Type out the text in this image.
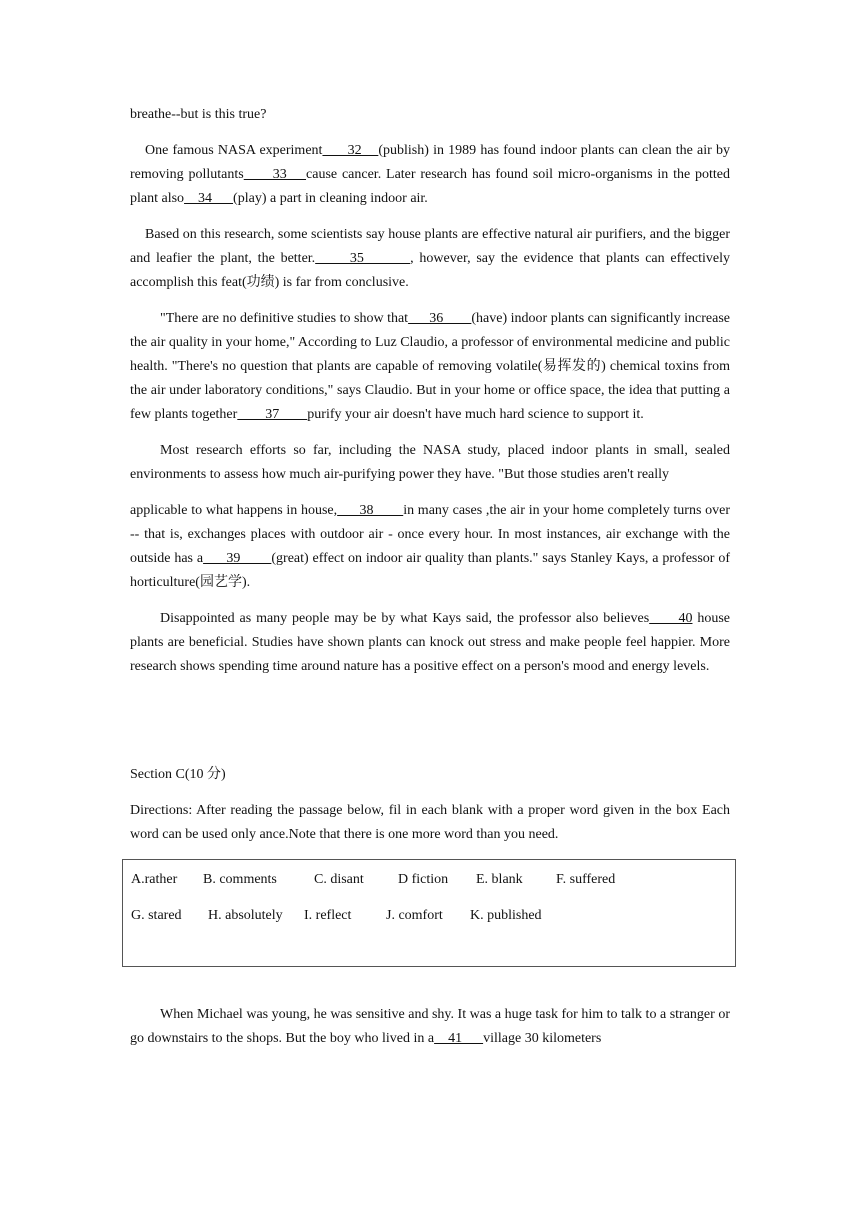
breathe--but is this true?

One famous NASA experiment      32    (publish) in 1989 has found indoor plants can clean the air by removing pollutants      33    cause cancer. Later research has found soil micro-organisms in the potted plant also    34      (play) a part in cleaning indoor air.

Based on this research, some scientists say house plants are effective natural air purifiers, and the bigger and leafier the plant, the better.      35        , however, say the evidence that plants can effectively accomplish this feat(功绩) is far from conclusive.

"There are no definitive studies to show that      36        (have) indoor plants can significantly increase the air quality in your home," According to Luz Claudio, a professor of environmental medicine and public health. "There's no question that plants are capable of removing volatile(易挥发的) chemical toxins from the air under laboratory conditions," says Claudio. But in your home or office space, the idea that putting a few plants together        37        purify your air doesn't have much hard science to support it.

Most research efforts so far, including the NASA study, placed indoor plants in small, sealed environments to assess how much air-purifying power they have. "But those studies aren't really

applicable to what happens in house,      38        in many cases ,the air in your home completely turns over -- that is, exchanges places with outdoor air - once every hour. In most instances, air exchange with the outside has a      39        (great) effect on indoor air quality than plants." says Stanley Kays, a professor of horticulture(园艺学).

Disappointed as many people may be by what Kays said, the professor also believes      40 house plants are beneficial. Studies have shown plants can knock out stress and make people feel happier. More research shows spending time around nature has a positive effect on a person's mood and energy levels.

Section C(10 分)

Directions: After reading the passage below, fil in each blank with a proper word given in the box Each word can be used only ance.Note that there is one more word than you need.

A.rather	B. comments	C. disant	D fiction	E. blank	F. suffered
G. stared	H. absolutely	I. reflect	J. comfort	K. published

When Michael was young, he was sensitive and shy. It was a huge task for him to talk to a stranger or go downstairs to the shops. But the boy who lived in a    41      village 30 kilometers
